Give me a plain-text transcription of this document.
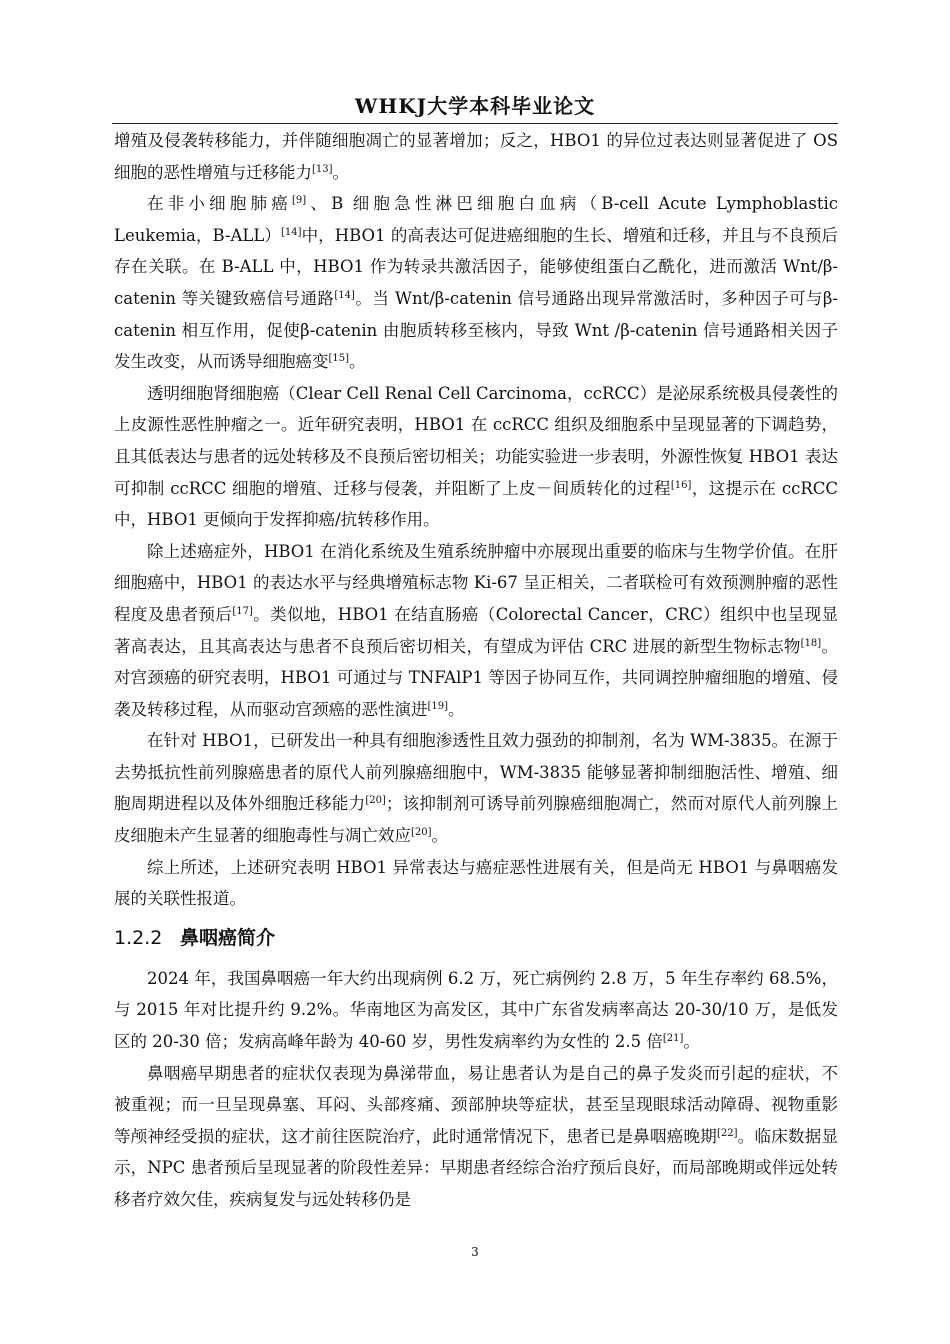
WHKJ大学本科毕业论文

增殖及侵袭转移能力，并伴随细胞凋亡的显著增加；反之，HBO1 的异位过表达则显著促进了 OS 细胞的恶性增殖与迁移能力[13]。

在非小细胞肺癌[9]、B 细胞急性淋巴细胞白血病（B-cell Acute Lymphoblastic Leukemia，B-ALL）[14]中，HBO1 的高表达可促进癌细胞的生长、增殖和迁移，并且与不良预后存在关联。在 B-ALL 中，HBO1 作为转录共激活因子，能够使组蛋白乙酰化，进而激活 Wnt/β-catenin 等关键致癌信号通路[14]。当 Wnt/β-catenin 信号通路出现异常激活时，多种因子可与β-catenin 相互作用，促使β-catenin 由胞质转移至核内，导致 Wnt /β-catenin 信号通路相关因子发生改变，从而诱导细胞癌变[15]。

透明细胞肾细胞癌（Clear Cell Renal Cell Carcinoma，ccRCC）是泌尿系统极具侵袭性的上皮源性恶性肿瘤之一。近年研究表明，HBO1 在 ccRCC 组织及细胞系中呈现显著的下调趋势，且其低表达与患者的远处转移及不良预后密切相关；功能实验进一步表明，外源性恢复 HBO1 表达可抑制 ccRCC 细胞的增殖、迁移与侵袭，并阻断了上皮－间质转化的过程[16]，这提示在 ccRCC 中，HBO1 更倾向于发挥抑癌/抗转移作用。

除上述癌症外，HBO1 在消化系统及生殖系统肿瘤中亦展现出重要的临床与生物学价值。在肝细胞癌中，HBO1 的表达水平与经典增殖标志物 Ki-67 呈正相关，二者联检可有效预测肿瘤的恶性程度及患者预后[17]。类似地，HBO1 在结直肠癌（Colorectal Cancer，CRC）组织中也呈现显著高表达，且其高表达与患者不良预后密切相关，有望成为评估 CRC 进展的新型生物标志物[18]。对宫颈癌的研究表明，HBO1 可通过与 TNFAlP1 等因子协同互作，共同调控肿瘤细胞的增殖、侵袭及转移过程，从而驱动宫颈癌的恶性演进[19]。

在针对 HBO1，已研发出一种具有细胞渗透性且效力强劲的抑制剂，名为 WM-3835。在源于去势抵抗性前列腺癌患者的原代人前列腺癌细胞中，WM-3835 能够显著抑制细胞活性、增殖、细胞周期进程以及体外细胞迁移能力[20]；该抑制剂可诱导前列腺癌细胞凋亡，然而对原代人前列腺上皮细胞未产生显著的细胞毒性与凋亡效应[20]。

综上所述，上述研究表明 HBO1 异常表达与癌症恶性进展有关，但是尚无 HBO1 与鼻咽癌发展的关联性报道。

1.2.2 鼻咽癌简介

2024 年，我国鼻咽癌一年大约出现病例 6.2 万，死亡病例约 2.8 万，5 年生存率约 68.5%，与 2015 年对比提升约 9.2%。华南地区为高发区，其中广东省发病率高达 20-30/10 万，是低发区的 20-30 倍；发病高峰年龄为 40-60 岁，男性发病率约为女性的 2.5 倍[21]。

鼻咽癌早期患者的症状仅表现为鼻涕带血，易让患者认为是自己的鼻子发炎而引起的症状，不被重视；而一旦呈现鼻塞、耳闷、头部疼痛、颈部肿块等症状，甚至呈现眼球活动障碍、视物重影等颅神经受损的症状，这才前往医院治疗，此时通常情况下，患者已是鼻咽癌晚期[22]。临床数据显示，NPC 患者预后呈现显著的阶段性差异：早期患者经综合治疗预后良好，而局部晚期或伴远处转移者疗效欠佳，疾病复发与远处转移仍是

3
